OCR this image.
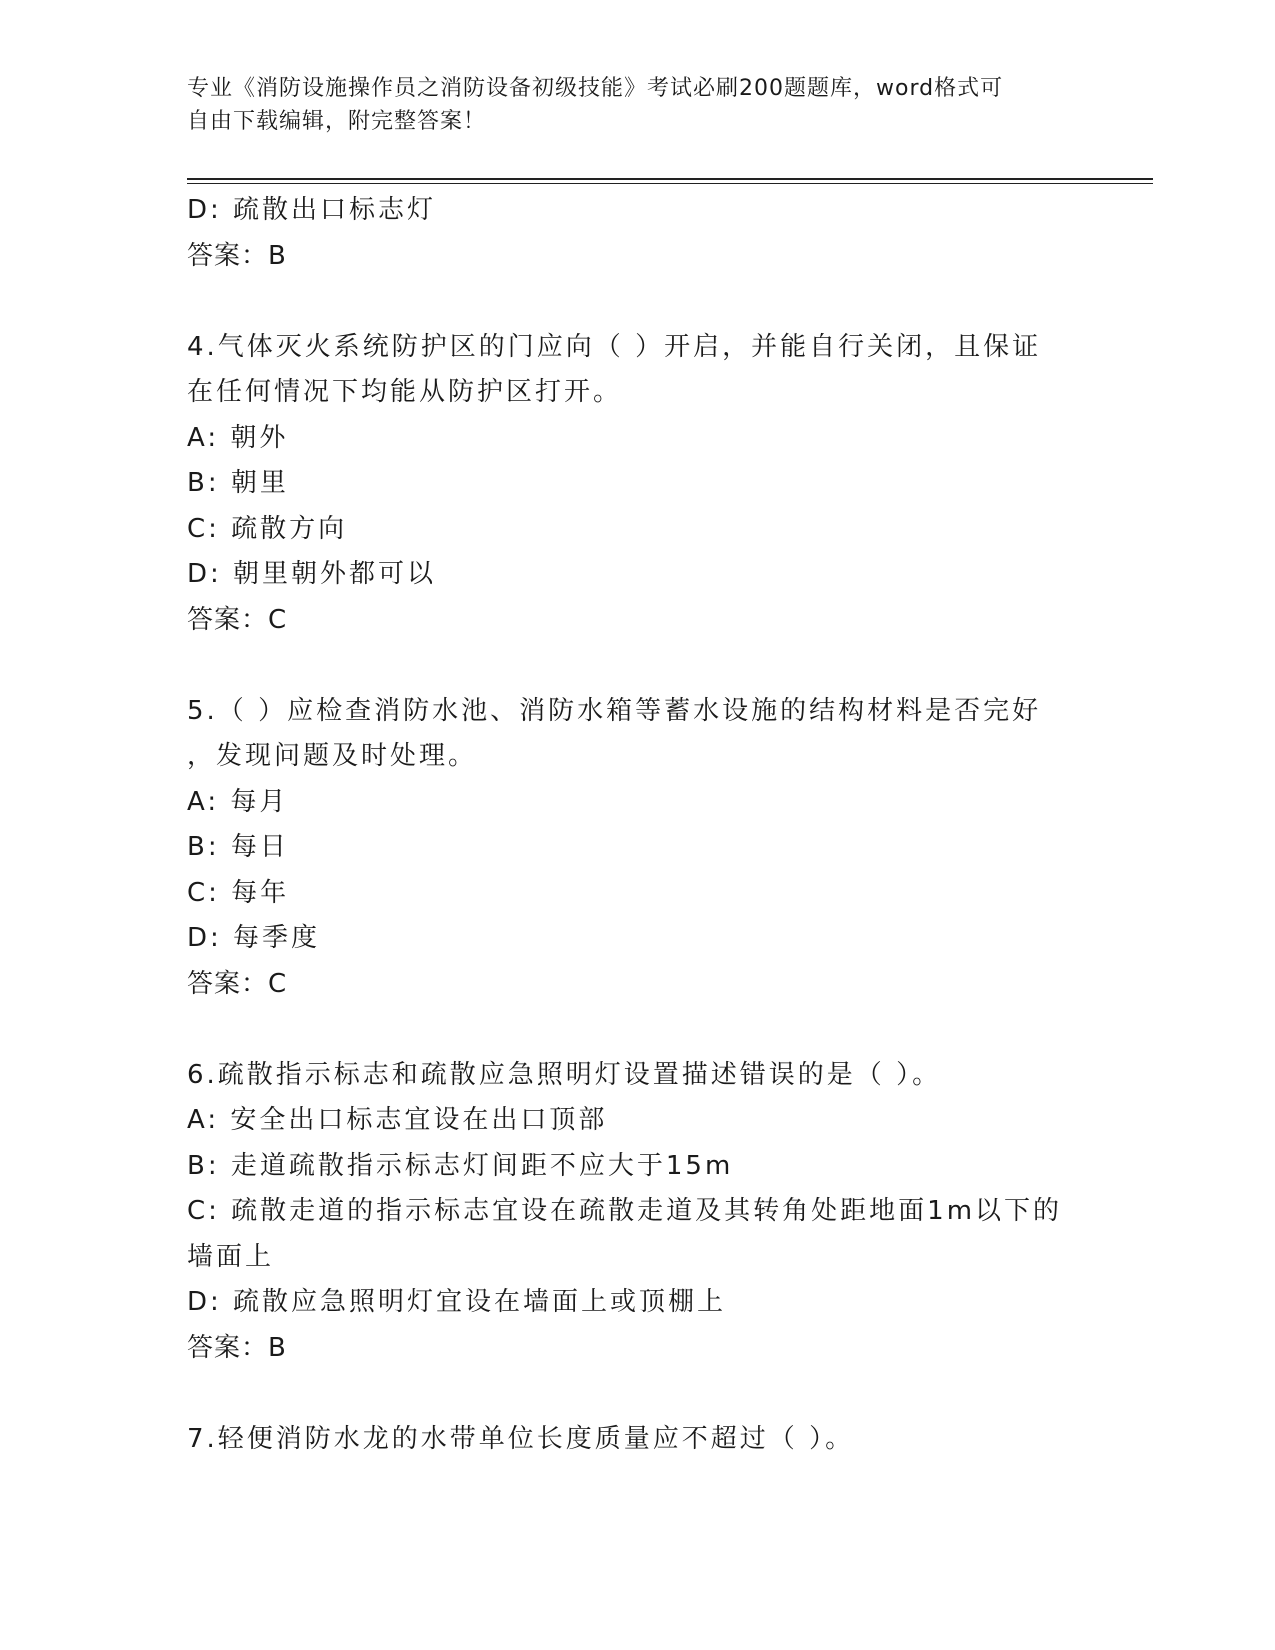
专业《消防设施操作员之消防设备初级技能》考试必刷200题题库，word格式可
自由下载编辑，附完整答案！
D: 疏散出口标志灯
答案：B
4.气体灭火系统防护区的门应向（ ）开启，并能自行关闭，且保证
在任何情况下均能从防护区打开。
A: 朝外
B: 朝里
C: 疏散方向
D: 朝里朝外都可以
答案：C
5.（ ）应检查消防水池、消防水箱等蓄水设施的结构材料是否完好
，发现问题及时处理。
A: 每月
B: 每日
C: 每年
D: 每季度
答案：C
6.疏散指示标志和疏散应急照明灯设置描述错误的是（ ）。
A: 安全出口标志宜设在出口顶部
B: 走道疏散指示标志灯间距不应大于15m
C: 疏散走道的指示标志宜设在疏散走道及其转角处距地面1m以下的
墙面上
D: 疏散应急照明灯宜设在墙面上或顶棚上
答案：B
7.轻便消防水龙的水带单位长度质量应不超过（ ）。
